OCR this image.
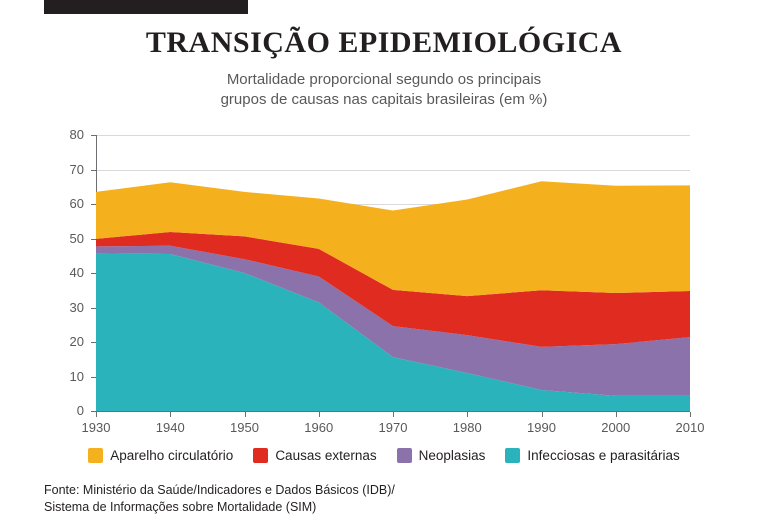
TRANSIÇÃO EPIDEMIOLÓGICA
Mortalidade proporcional segundo os principais
grupos de causas nas capitais brasileiras (em %)
0
10
20
30
40
50
60
70
80
1930	1940	1950	1960	1970	1980	1990	2000	2010
Aparelho circulatório	Causas externas	Neoplasias	Infecciosas e parasitárias
Fonte: Ministério da Saúde/Indicadores e Dados Básicos (IDB)/
Sistema de Informações sobre Mortalidade (SIM)
